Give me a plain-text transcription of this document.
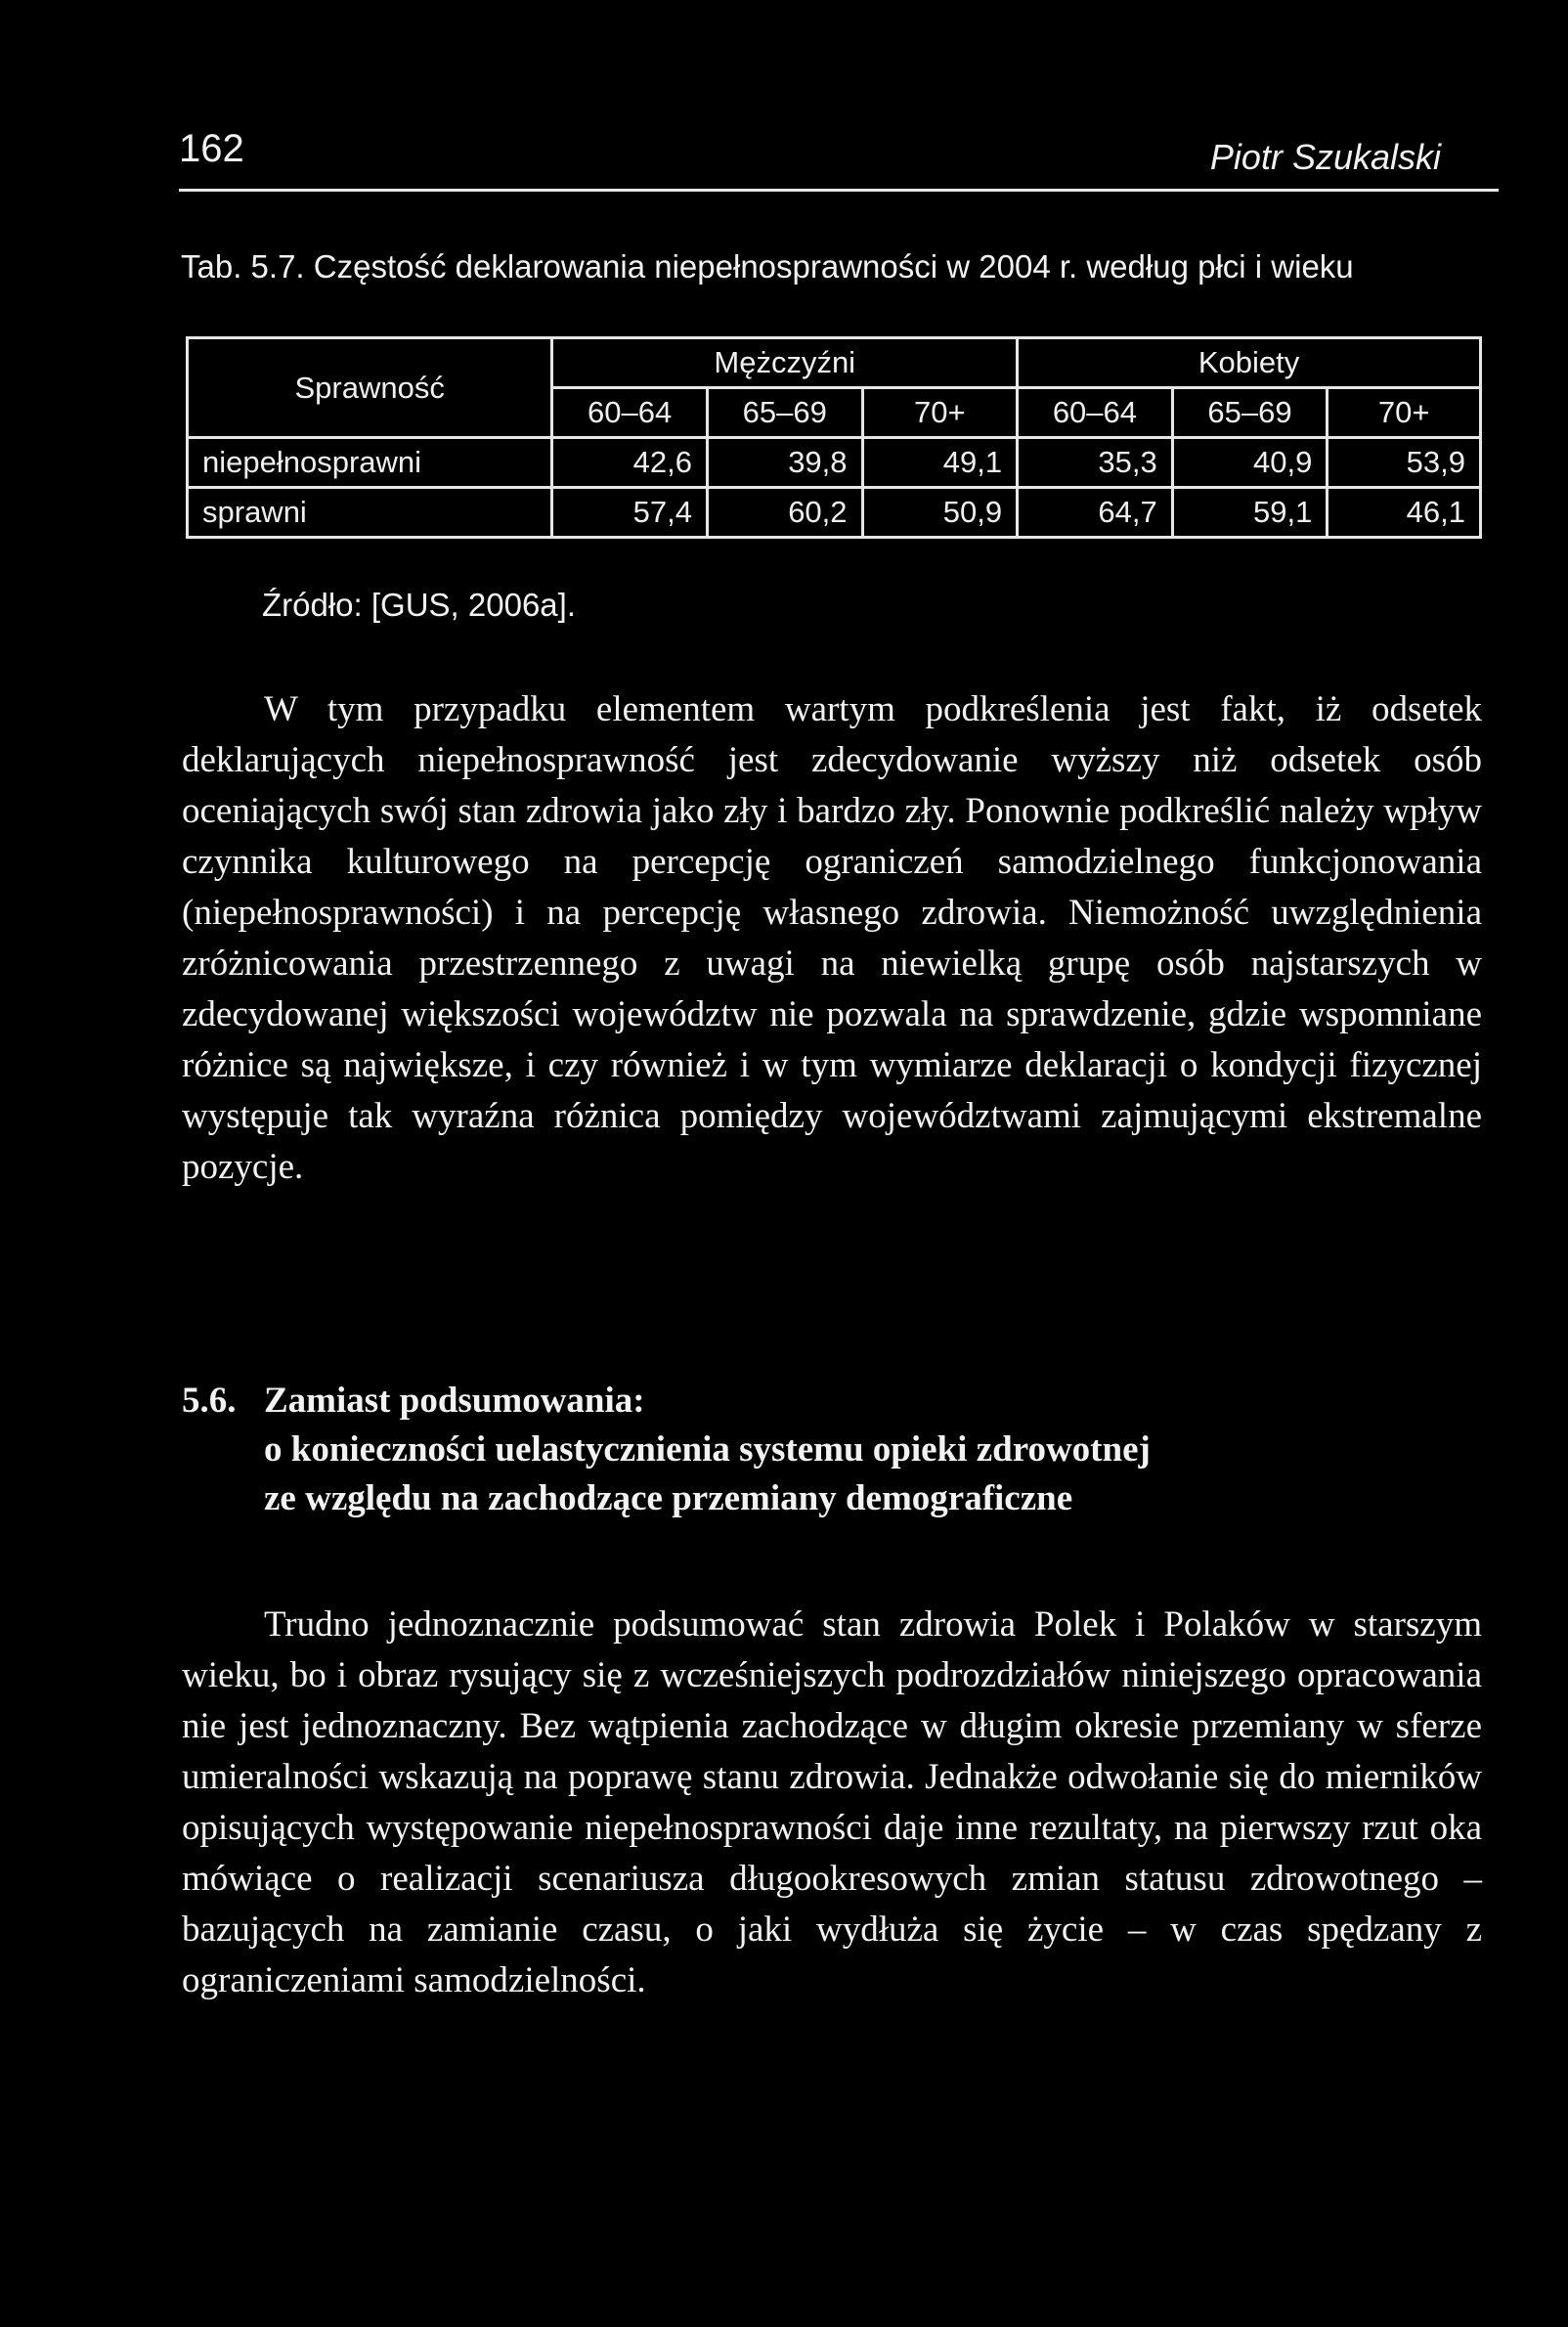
162	Piotr Szukalski
Tab. 5.7. Częstość deklarowania niepełnosprawności w 2004 r. według płci i wieku
Sprawność	Mężczyźni			Kobiety		
	60–64	65–69	70+	60–64	65–69	70+
niepełnosprawni	42,6	39,8	49,1	35,3	40,9	53,9
sprawni	57,4	60,2	50,9	64,7	59,1	46,1
Źródło: [GUS, 2006a].

W tym przypadku elementem wartym podkreślenia jest fakt, iż odsetek deklarujących niepełnosprawność jest zdecydowanie wyższy niż odsetek osób oceniających swój stan zdrowia jako zły i bardzo zły. Ponownie podkreślić należy wpływ czynnika kulturowego na percepcję ograniczeń samodzielnego funkcjonowania (niepełnosprawności) i na percepcję własnego zdrowia. Niemożność uwzględnienia zróżnicowania przestrzennego z uwagi na niewielką grupę osób najstarszych w zdecydowanej większości województw nie pozwala na sprawdzenie, gdzie wspomniane różnice są największe, i czy również i w tym wymiarze deklaracji o kondycji fizycznej występuje tak wyraźna różnica pomiędzy województwami zajmującymi ekstremalne pozycje.

5.6. Zamiast podsumowania:
o konieczności uelastycznienia systemu opieki zdrowotnej
ze względu na zachodzące przemiany demograficzne

Trudno jednoznacznie podsumować stan zdrowia Polek i Polaków w starszym wieku, bo i obraz rysujący się z wcześniejszych podrozdziałów niniejszego opracowania nie jest jednoznaczny. Bez wątpienia zachodzące w długim okresie przemiany w sferze umieralności wskazują na poprawę stanu zdrowia. Jednakże odwołanie się do mierników opisujących występowanie niepełnosprawności daje inne rezultaty, na pierwszy rzut oka mówiące o realizacji scenariusza długookresowych zmian statusu zdrowotnego – bazujących na zamianie czasu, o jaki wydłuża się życie – w czas spędzany z ograniczeniami samodzielności.
